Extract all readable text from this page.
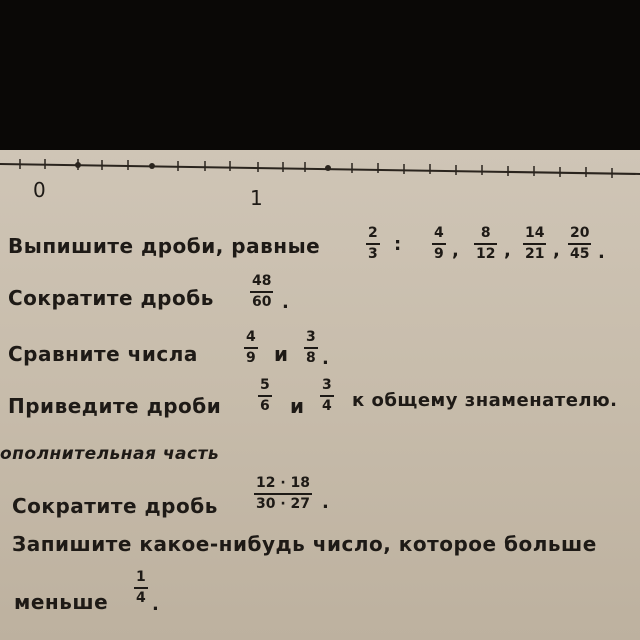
0	1
Выпишите дроби, равные
2
3 :
4
9 ,
8
12 ,
14
21 ,
20
45 .
Сократите дробь
48
60 .
Сравните числа
4
9 и
3
8 .
Приведите дроби
5
6 и
3
4 к общему знаменателю.
ополнительная часть
Сократите дробь
12 · 18
30 · 27 .
Запишите какое-нибудь число, которое больше
меньше
1
4 .
